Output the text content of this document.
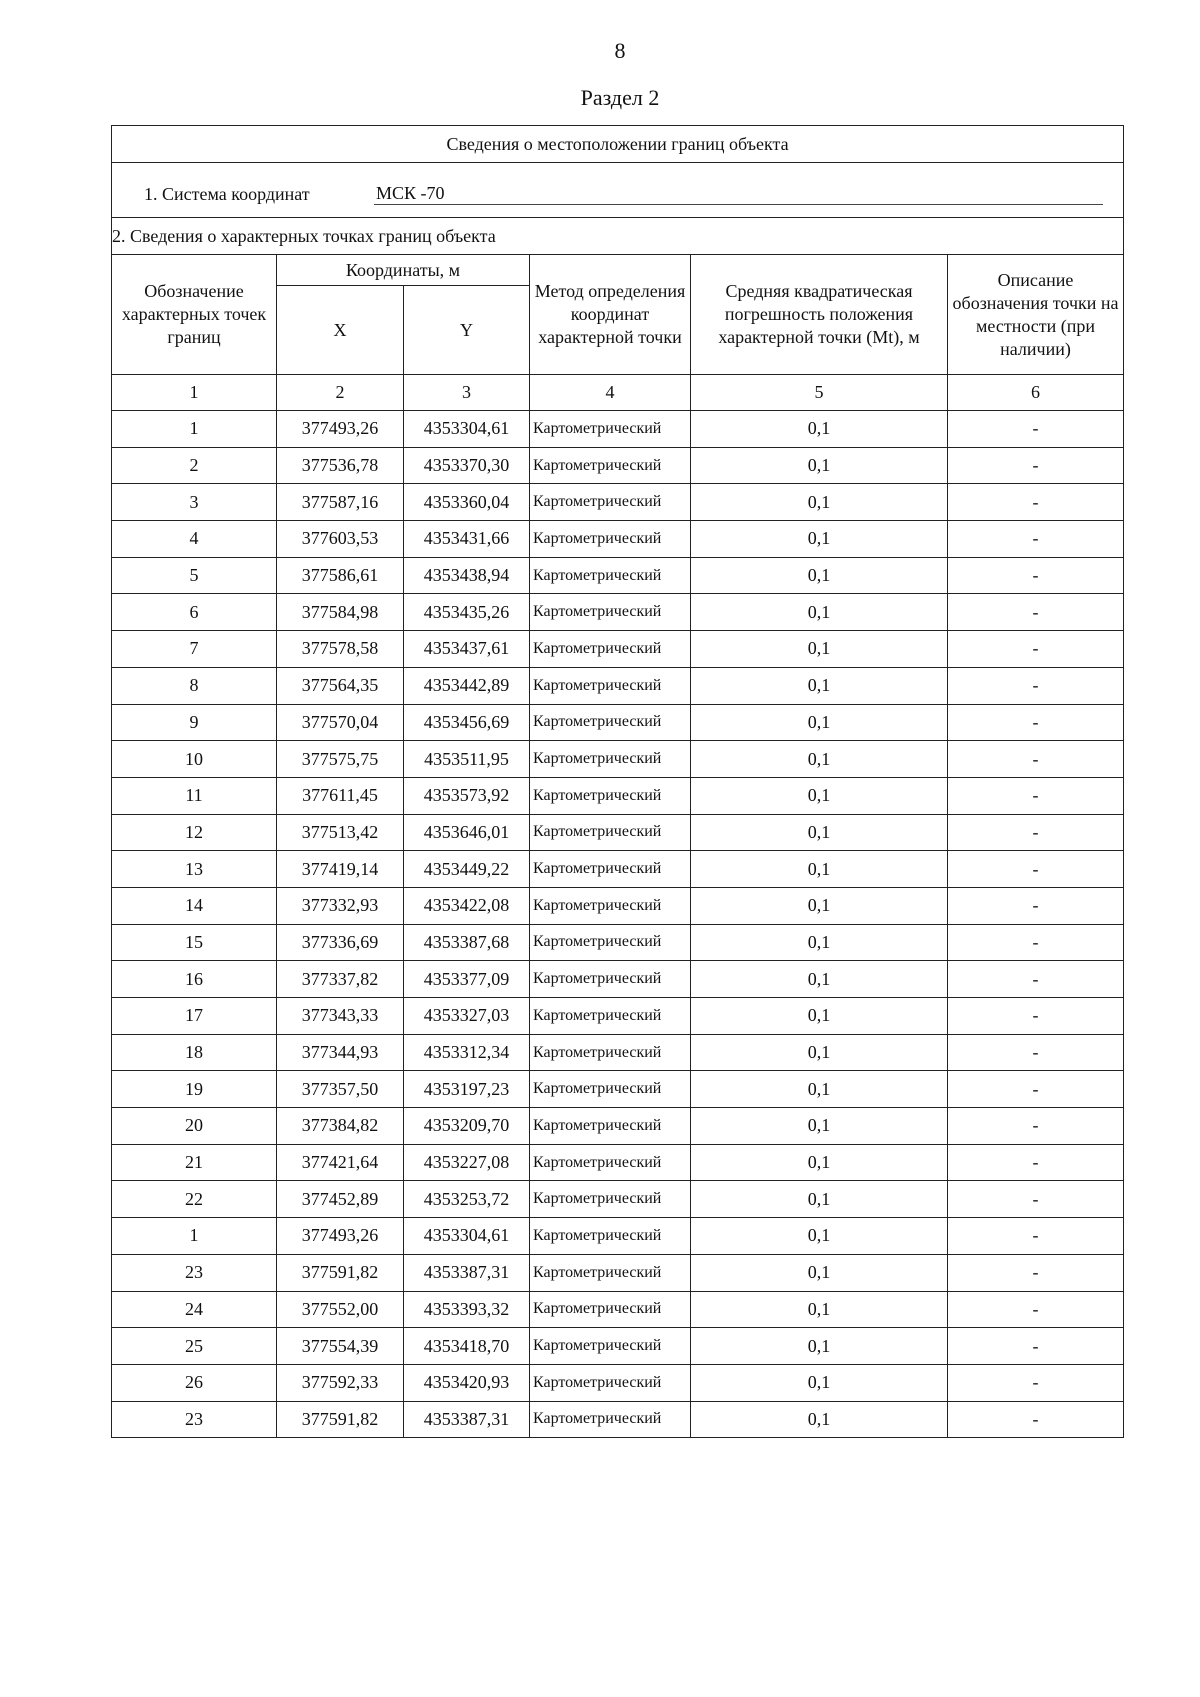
8
Раздел 2
Сведения о местоположении границ объекта					

1. Система координат МСК -70					

2. Сведения о характерных точках границ объекта					
Обозначение характерных точек границ	Координаты, м		Метод определения координат характерной точки	Средняя квадратическая погрешность положения характерной точки (Mt), м	Описание обозначения точки на местности (при наличии)
	X	Y			
1	2	3	4	5	6
1	377493,26	4353304,61	Картометрический	0,1	-
2	377536,78	4353370,30	Картометрический	0,1	-
3	377587,16	4353360,04	Картометрический	0,1	-
4	377603,53	4353431,66	Картометрический	0,1	-
5	377586,61	4353438,94	Картометрический	0,1	-
6	377584,98	4353435,26	Картометрический	0,1	-
7	377578,58	4353437,61	Картометрический	0,1	-
8	377564,35	4353442,89	Картометрический	0,1	-
9	377570,04	4353456,69	Картометрический	0,1	-
10	377575,75	4353511,95	Картометрический	0,1	-
11	377611,45	4353573,92	Картометрический	0,1	-
12	377513,42	4353646,01	Картометрический	0,1	-
13	377419,14	4353449,22	Картометрический	0,1	-
14	377332,93	4353422,08	Картометрический	0,1	-
15	377336,69	4353387,68	Картометрический	0,1	-
16	377337,82	4353377,09	Картометрический	0,1	-
17	377343,33	4353327,03	Картометрический	0,1	-
18	377344,93	4353312,34	Картометрический	0,1	-
19	377357,50	4353197,23	Картометрический	0,1	-
20	377384,82	4353209,70	Картометрический	0,1	-
21	377421,64	4353227,08	Картометрический	0,1	-
22	377452,89	4353253,72	Картометрический	0,1	-
1	377493,26	4353304,61	Картометрический	0,1	-
23	377591,82	4353387,31	Картометрический	0,1	-
24	377552,00	4353393,32	Картометрический	0,1	-
25	377554,39	4353418,70	Картометрический	0,1	-
26	377592,33	4353420,93	Картометрический	0,1	-
23	377591,82	4353387,31	Картометрический	0,1	-
